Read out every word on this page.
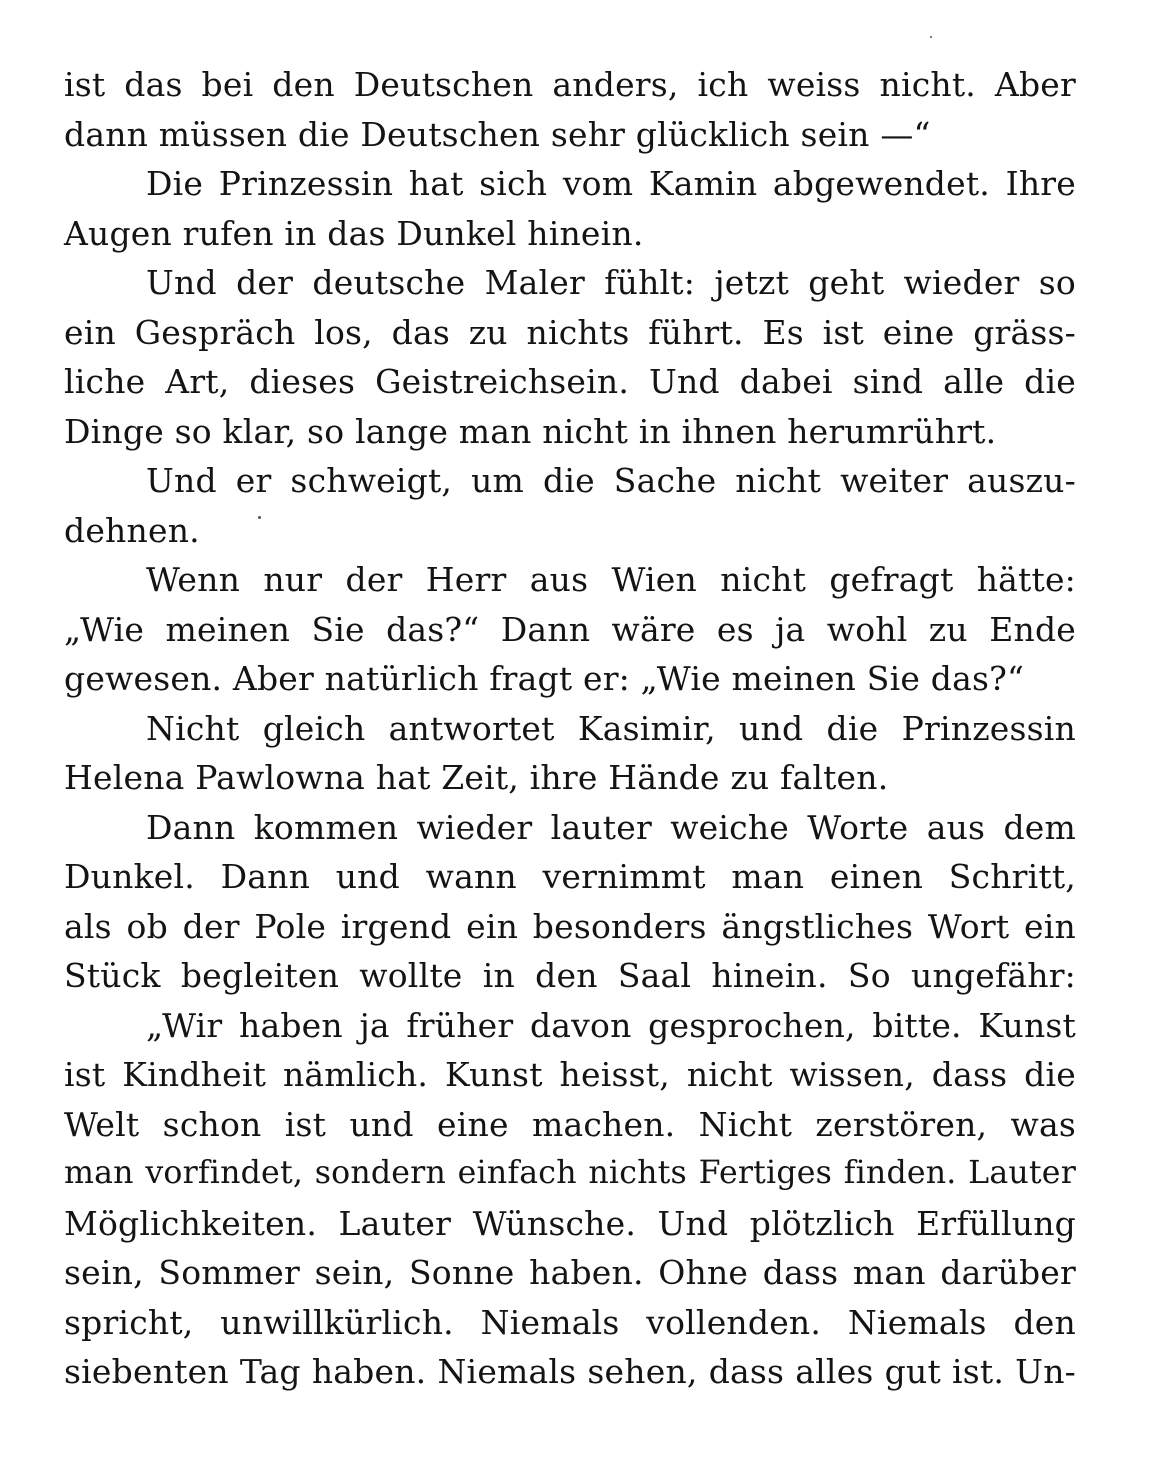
ist das bei den Deutschen anders, ich weiss nicht. Aber
dann müssen die Deutschen sehr glücklich sein —“
Die Prinzessin hat sich vom Kamin abgewendet. Ihre
Augen rufen in das Dunkel hinein.
Und der deutsche Maler fühlt: jetzt geht wieder so
ein Gespräch los, das zu nichts führt. Es ist eine gräss-
liche Art, dieses Geistreichsein. Und dabei sind alle die
Dinge so klar, so lange man nicht in ihnen herumrührt.
Und er schweigt, um die Sache nicht weiter auszu-
dehnen.
Wenn nur der Herr aus Wien nicht gefragt hätte:
„Wie meinen Sie das?“ Dann wäre es ja wohl zu Ende
gewesen. Aber natürlich fragt er: „Wie meinen Sie das?“
Nicht gleich antwortet Kasimir, und die Prinzessin
Helena Pawlowna hat Zeit, ihre Hände zu falten.
Dann kommen wieder lauter weiche Worte aus dem
Dunkel. Dann und wann vernimmt man einen Schritt,
als ob der Pole irgend ein besonders ängstliches Wort ein
Stück begleiten wollte in den Saal hinein. So ungefähr:
„Wir haben ja früher davon gesprochen, bitte. Kunst
ist Kindheit nämlich. Kunst heisst, nicht wissen, dass die
Welt schon ist und eine machen. Nicht zerstören, was
man vorfindet, sondern einfach nichts Fertiges finden. Lauter
Möglichkeiten. Lauter Wünsche. Und plötzlich Erfüllung
sein, Sommer sein, Sonne haben. Ohne dass man darüber
spricht, unwillkürlich. Niemals vollenden. Niemals den
siebenten Tag haben. Niemals sehen, dass alles gut ist. Un-
